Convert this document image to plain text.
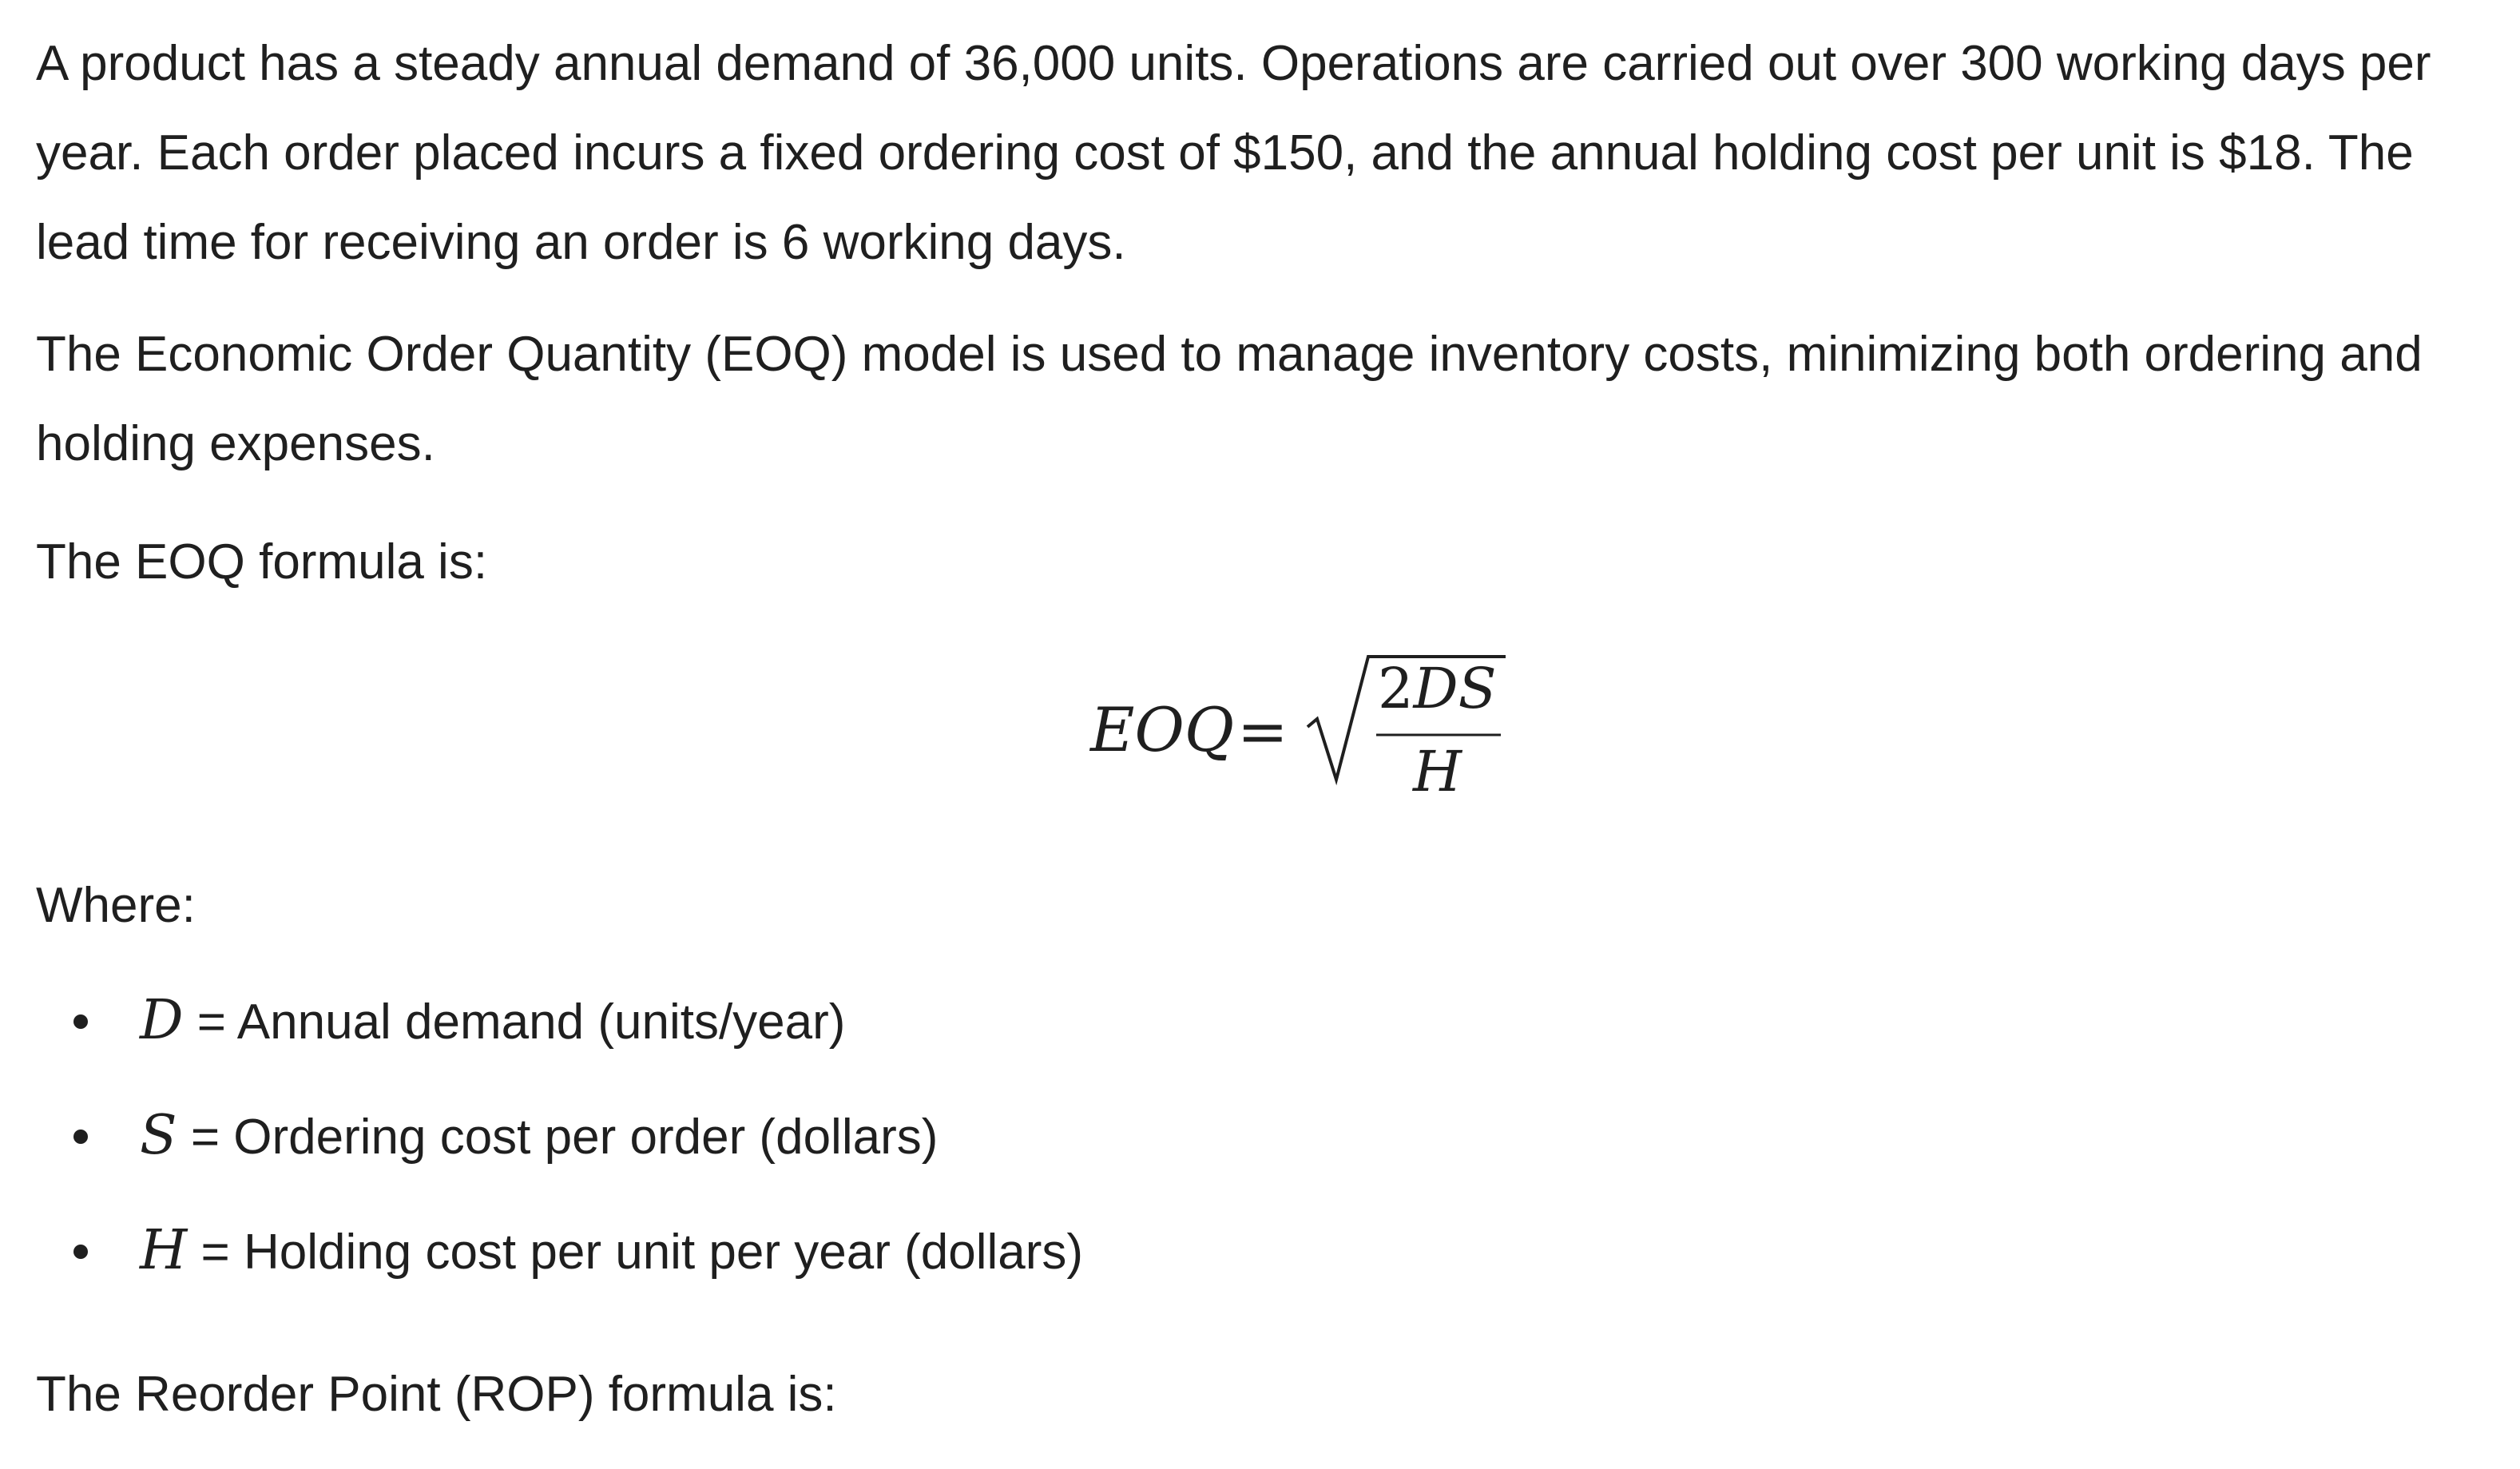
A product has a steady annual demand of 36,000 units. Operations are carried out over 300 working days per year. Each order placed incurs a fixed ordering cost of $150, and the annual holding cost per unit is $18. The lead time for receiving an order is 6 working days.

The Economic Order Quantity (EOQ) model is used to manage inventory costs, minimizing both ordering and holding expenses.

The EOQ formula is:

EOQ =
2DS
H

Where:

D = Annual demand (units/year)
S = Ordering cost per order (dollars)
H = Holding cost per unit per year (dollars)

The Reorder Point (ROP) formula is:
